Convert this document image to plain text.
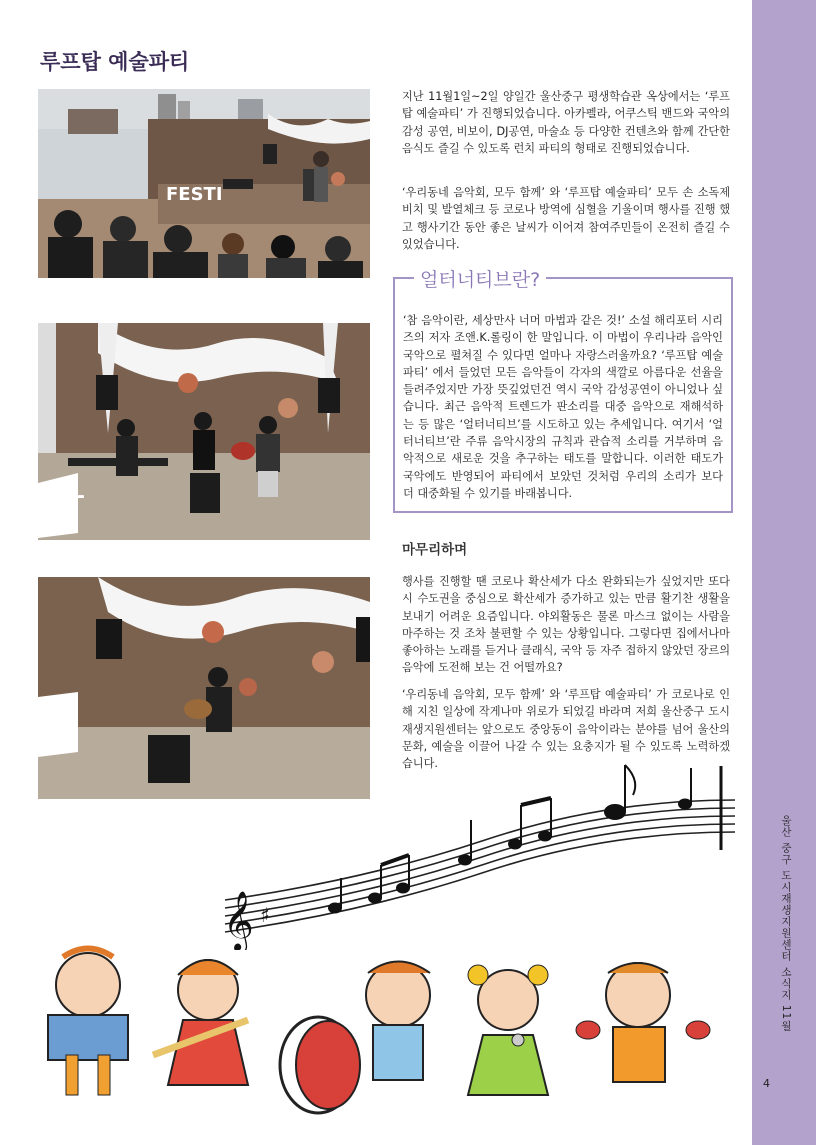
루프탑 예술파티
FESTI
VAL

지난 11월1일~2일 양일간 울산중구 평생학습관 옥상에서는 ‘루프탑 예술파티’ 가 진행되었습니다. 아카펠라, 어쿠스틱 밴드와 국악의 감성 공연, 비보이, DJ공연, 마술쇼 등 다양한 컨텐츠와 함께 간단한 음식도 즐길 수 있도록 런치 파티의 형태로 진행되었습니다.

‘우리동네 음악회, 모두 함께’ 와 ‘루프탑 예술파티’ 모두 손 소독제 비치 및 발열체크 등 코로나 방역에 심혈을 기울이며 행사를 진행 했고 행사기간 동안 좋은 날씨가 이어져 참여주민들이 온전히 즐길 수 있었습니다.

얼터너티브란?

‘참 음악이란, 세상만사 너머 마법과 같은 것!’ 소설 해리포터 시리즈의 저자 조앤.K.롤링이 한 말입니다. 이 마법이 우리나라 음악인 국악으로 펼쳐질 수 있다면 얼마나 자랑스러울까요? ‘루프탑 예술파티’ 에서 들었던 모든 음악들이 각자의 색깔로 아름다운 선율을 들려주었지만 가장 뜻깊었던건 역시 국악 감성공연이 아니었나 싶습니다. 최근 음악적 트렌드가 판소리를 대중 음악으로 재해석하는 등 많은 ‘얼터너티브’를 시도하고 있는 추세입니다. 여기서 ‘얼터너티브’란 주류 음악시장의 규칙과 관습적 소리를 거부하며 음악적으로 새로운 것을 추구하는 태도를 말합니다. 이러한 태도가 국악에도 반영되어 파티에서 보았던 것처럼 우리의 소리가 보다 더 대중화될 수 있기를 바래봅니다.

마무리하며

행사를 진행할 땐 코로나 확산세가 다소 완화되는가 싶었지만 또다시 수도권을 중심으로 확산세가 증가하고 있는 만큼 활기찬 생활을 보내기 어려운 요즘입니다. 야외활동은 물론 마스크 없이는 사람을 마주하는 것 조차 불편할 수 있는 상황입니다. 그렇다면 집에서나마 좋아하는 노래를 듣거나 클래식, 국악 등 자주 접하지 않았던 장르의 음악에 도전해 보는 건 어떨까요?

‘우리동네 음악회, 모두 함께’ 와 ‘루프탑 예술파티’ 가 코로나로 인해 지친 일상에 작게나마 위로가 되었길 바라며 저희 울산중구 도시재생지원센터는 앞으로도 중앙동이 음악이라는 분야를 넘어 울산의 문화, 예술을 이끌어 나갈 수 있는 요충지가 될 수 있도록 노력하겠습니다.

𝄞 ♯	울산 중구 도시재생지원센터 소식지 11월
4
